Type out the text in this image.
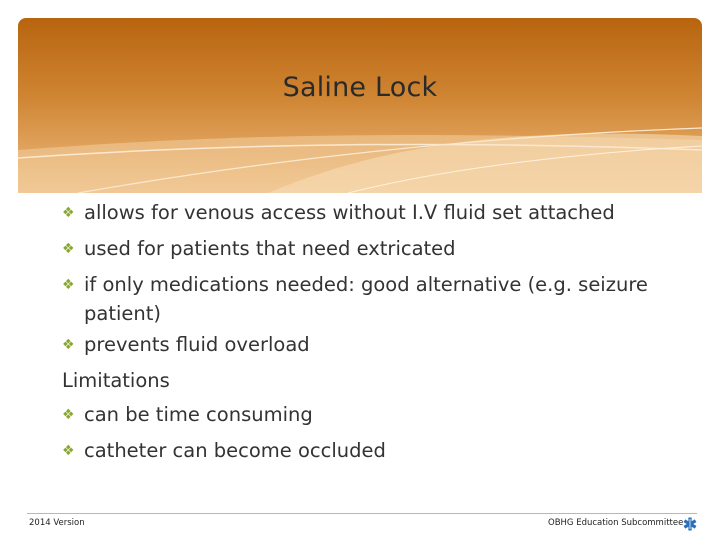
Saline Lock
❖ allows for venous access without I.V fluid set attached
❖ used for patients that need extricated
❖ if only medications needed: good alternative (e.g. seizure
patient)
❖ prevents fluid overload
Limitations
❖ can be time consuming
❖ catheter can become occluded
2014 Version	OBHG Education Subcommittee
